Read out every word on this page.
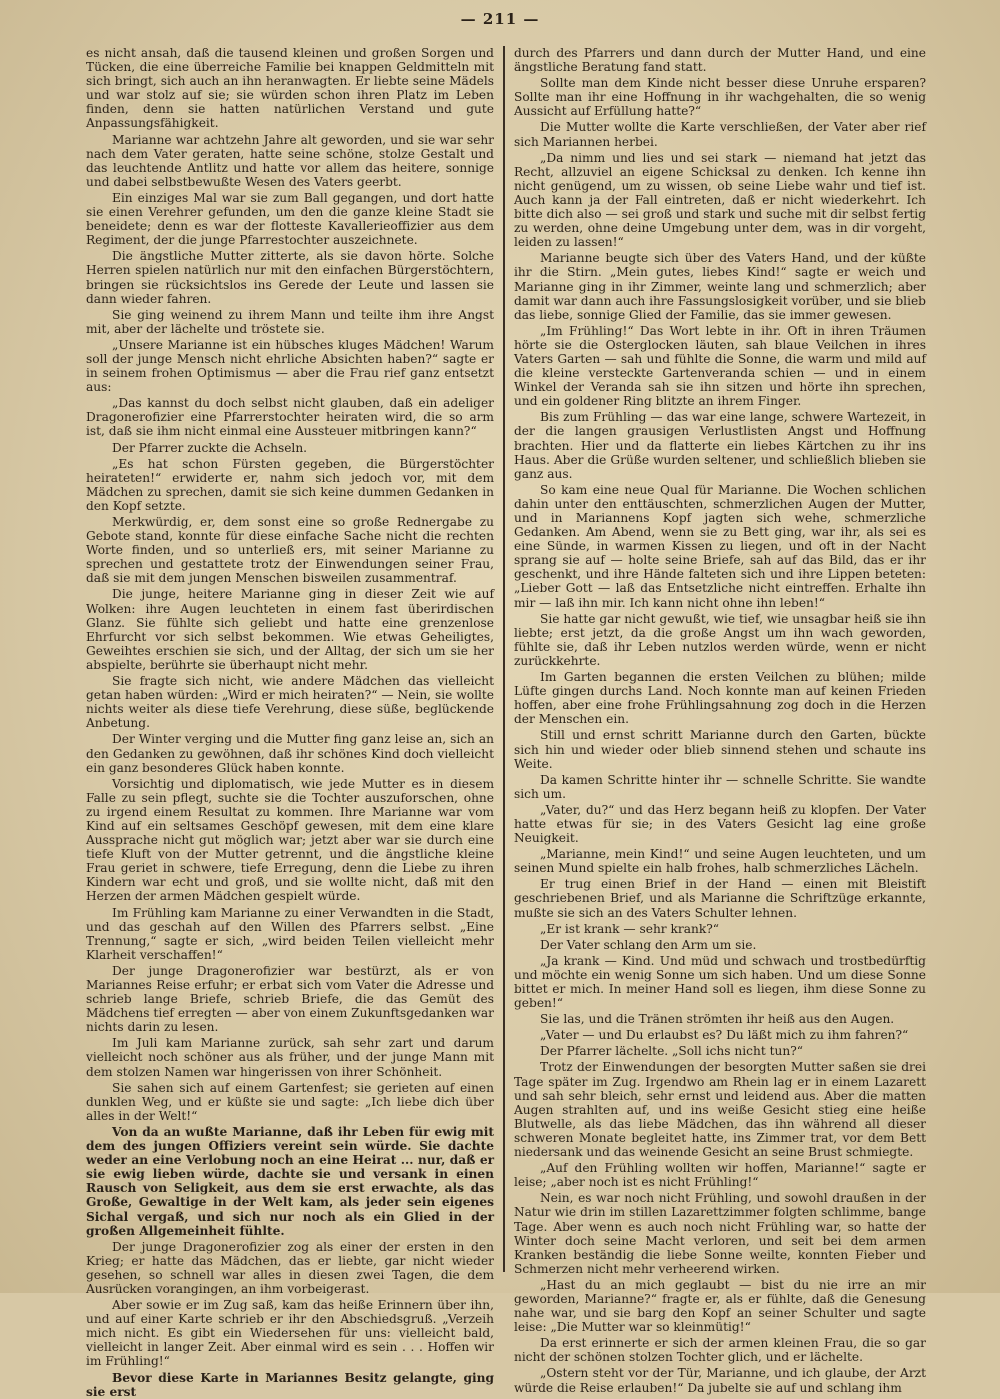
— 211 —

es nicht ansah, daß die tausend kleinen und großen Sorgen und Tücken, die eine überreiche Familie bei knappen Geldmitteln mit sich bringt, sich auch an ihn heranwagten. Er liebte seine Mädels und war stolz auf sie; sie würden schon ihren Platz im Leben finden, denn sie hatten natürlichen Verstand und gute Anpassungsfähigkeit.

Marianne war achtzehn Jahre alt geworden, und sie war sehr nach dem Vater geraten, hatte seine schöne, stolze Gestalt und das leuchtende Antlitz und hatte vor allem das heitere, sonnige und dabei selbstbewußte Wesen des Vaters geerbt.

Ein einziges Mal war sie zum Ball gegangen, und dort hatte sie einen Verehrer gefunden, um den die ganze kleine Stadt sie beneidete; denn es war der flotteste Kavallerieoffizier aus dem Regiment, der die junge Pfarrestochter auszeichnete.

Die ängstliche Mutter zitterte, als sie davon hörte. Solche Herren spielen natürlich nur mit den einfachen Bürgerstöchtern, bringen sie rücksichtslos ins Gerede der Leute und lassen sie dann wieder fahren.

Sie ging weinend zu ihrem Mann und teilte ihm ihre Angst mit, aber der lächelte und tröstete sie.

„Unsere Marianne ist ein hübsches kluges Mädchen! Warum soll der junge Mensch nicht ehrliche Absichten haben?“ sagte er in seinem frohen Optimismus — aber die Frau rief ganz entsetzt aus:

„Das kannst du doch selbst nicht glauben, daß ein adeliger Dragonerofizier eine Pfarrerstochter heiraten wird, die so arm ist, daß sie ihm nicht einmal eine Aussteuer mitbringen kann?“

Der Pfarrer zuckte die Achseln.

„Es hat schon Fürsten gegeben, die Bürgerstöchter heirateten!“ erwiderte er, nahm sich jedoch vor, mit dem Mädchen zu sprechen, damit sie sich keine dummen Gedanken in den Kopf setzte.

Merkwürdig, er, dem sonst eine so große Rednergabe zu Gebote stand, konnte für diese einfache Sache nicht die rechten Worte finden, und so unterließ ers, mit seiner Marianne zu sprechen und gestattete trotz der Einwendungen seiner Frau, daß sie mit dem jungen Menschen bisweilen zusammentraf.

Die junge, heitere Marianne ging in dieser Zeit wie auf Wolken: ihre Augen leuchteten in einem fast überirdischen Glanz. Sie fühlte sich geliebt und hatte eine grenzenlose Ehrfurcht vor sich selbst bekommen. Wie etwas Geheiligtes, Geweihtes erschien sie sich, und der Alltag, der sich um sie her abspielte, berührte sie überhaupt nicht mehr.

Sie fragte sich nicht, wie andere Mädchen das vielleicht getan haben würden: „Wird er mich heiraten?“ — Nein, sie wollte nichts weiter als diese tiefe Verehrung, diese süße, beglückende Anbetung.

Der Winter verging und die Mutter fing ganz leise an, sich an den Gedanken zu gewöhnen, daß ihr schönes Kind doch vielleicht ein ganz besonderes Glück haben konnte.

Vorsichtig und diplomatisch, wie jede Mutter es in diesem Falle zu sein pflegt, suchte sie die Tochter auszuforschen, ohne zu irgend einem Resultat zu kommen. Ihre Marianne war vom Kind auf ein seltsames Geschöpf gewesen, mit dem eine klare Aussprache nicht gut möglich war; jetzt aber war sie durch eine tiefe Kluft von der Mutter getrennt, und die ängstliche kleine Frau geriet in schwere, tiefe Erregung, denn die Liebe zu ihren Kindern war echt und groß, und sie wollte nicht, daß mit den Herzen der armen Mädchen gespielt würde.

Im Frühling kam Marianne zu einer Verwandten in die Stadt, und das geschah auf den Willen des Pfarrers selbst. „Eine Trennung,“ sagte er sich, „wird beiden Teilen vielleicht mehr Klarheit verschaffen!“

Der junge Dragonerofizier war bestürzt, als er von Mariannes Reise erfuhr; er erbat sich vom Vater die Adresse und schrieb lange Briefe, schrieb Briefe, die das Gemüt des Mädchens tief erregten — aber von einem Zukunftsgedanken war nichts darin zu lesen.

Im Juli kam Marianne zurück, sah sehr zart und darum vielleicht noch schöner aus als früher, und der junge Mann mit dem stolzen Namen war hingerissen von ihrer Schönheit.

Sie sahen sich auf einem Gartenfest; sie gerieten auf einen dunklen Weg, und er küßte sie und sagte: „Ich liebe dich über alles in der Welt!“

Von da an wußte Marianne, daß ihr Leben für ewig mit dem des jungen Offiziers vereint sein würde. Sie dachte weder an eine Verlobung noch an eine Heirat ... nur, daß er sie ewig lieben würde, dachte sie und versank in einen Rausch von Seligkeit, aus dem sie erst erwachte, als das Große, Gewaltige in der Welt kam, als jeder sein eigenes Sichal vergaß, und sich nur noch als ein Glied in der großen Allgemeinheit fühlte.

Der junge Dragonerofizier zog als einer der ersten in den Krieg; er hatte das Mädchen, das er liebte, gar nicht wieder gesehen, so schnell war alles in diesen zwei Tagen, die dem Ausrücken vorangingen, an ihm vorbeigerast.

Aber sowie er im Zug saß, kam das heiße Erinnern über ihn, und auf einer Karte schrieb er ihr den Abschiedsgruß. „Verzeih mich nicht. Es gibt ein Wiedersehen für uns: vielleicht bald, vielleicht in langer Zeit. Aber einmal wird es sein . . . Hoffen wir im Frühling!“

Bevor diese Karte in Mariannes Besitz gelangte, ging sie erst

durch des Pfarrers und dann durch der Mutter Hand, und eine ängstliche Beratung fand statt.

Sollte man dem Kinde nicht besser diese Unruhe ersparen? Sollte man ihr eine Hoffnung in ihr wachgehalten, die so wenig Aussicht auf Erfüllung hatte?“

Die Mutter wollte die Karte verschließen, der Vater aber rief sich Mariannen herbei.

„Da nimm und lies und sei stark — niemand hat jetzt das Recht, allzuviel an eigene Schicksal zu denken. Ich kenne ihn nicht genügend, um zu wissen, ob seine Liebe wahr und tief ist. Auch kann ja der Fall eintreten, daß er nicht wiederkehrt. Ich bitte dich also — sei groß und stark und suche mit dir selbst fertig zu werden, ohne deine Umgebung unter dem, was in dir vorgeht, leiden zu lassen!“

Marianne beugte sich über des Vaters Hand, und der küßte ihr die Stirn. „Mein gutes, liebes Kind!“ sagte er weich und Marianne ging in ihr Zimmer, weinte lang und schmerzlich; aber damit war dann auch ihre Fassungslosigkeit vorüber, und sie blieb das liebe, sonnige Glied der Familie, das sie immer gewesen.

„Im Frühling!“ Das Wort lebte in ihr. Oft in ihren Träumen hörte sie die Osterglocken läuten, sah blaue Veilchen in ihres Vaters Garten — sah und fühlte die Sonne, die warm und mild auf die kleine versteckte Gartenveranda schien — und in einem Winkel der Veranda sah sie ihn sitzen und hörte ihn sprechen, und ein goldener Ring blitzte an ihrem Finger.

Bis zum Frühling — das war eine lange, schwere Wartezeit, in der die langen grausigen Verlustlisten Angst und Hoffnung brachten. Hier und da flatterte ein liebes Kärtchen zu ihr ins Haus. Aber die Grüße wurden seltener, und schließlich blieben sie ganz aus.

So kam eine neue Qual für Marianne. Die Wochen schlichen dahin unter den enttäuschten, schmerzlichen Augen der Mutter, und in Mariannens Kopf jagten sich wehe, schmerzliche Gedanken. Am Abend, wenn sie zu Bett ging, war ihr, als sei es eine Sünde, in warmen Kissen zu liegen, und oft in der Nacht sprang sie auf — holte seine Briefe, sah auf das Bild, das er ihr geschenkt, und ihre Hände falteten sich und ihre Lippen beteten: „Lieber Gott — laß das Entsetzliche nicht eintreffen. Erhalte ihn mir — laß ihn mir. Ich kann nicht ohne ihn leben!“

Sie hatte gar nicht gewußt, wie tief, wie unsagbar heiß sie ihn liebte; erst jetzt, da die große Angst um ihn wach geworden, fühlte sie, daß ihr Leben nutzlos werden würde, wenn er nicht zurückkehrte.

Im Garten begannen die ersten Veilchen zu blühen; milde Lüfte gingen durchs Land. Noch konnte man auf keinen Frieden hoffen, aber eine frohe Frühlingsahnung zog doch in die Herzen der Menschen ein.

Still und ernst schritt Marianne durch den Garten, bückte sich hin und wieder oder blieb sinnend stehen und schaute ins Weite.

Da kamen Schritte hinter ihr — schnelle Schritte. Sie wandte sich um.

„Vater, du?“ und das Herz begann heiß zu klopfen. Der Vater hatte etwas für sie; in des Vaters Gesicht lag eine große Neuigkeit.

„Marianne, mein Kind!“ und seine Augen leuchteten, und um seinen Mund spielte ein halb frohes, halb schmerzliches Lächeln.

Er trug einen Brief in der Hand — einen mit Bleistift geschriebenen Brief, und als Marianne die Schriftzüge erkannte, mußte sie sich an des Vaters Schulter lehnen.

„Er ist krank — sehr krank?“

Der Vater schlang den Arm um sie.

„Ja krank — Kind. Und müd und schwach und trostbedürftig und möchte ein wenig Sonne um sich haben. Und um diese Sonne bittet er mich. In meiner Hand soll es liegen, ihm diese Sonne zu geben!“

Sie las, und die Tränen strömten ihr heiß aus den Augen.

„Vater — und Du erlaubst es? Du läßt mich zu ihm fahren?“

Der Pfarrer lächelte. „Soll ichs nicht tun?“

Trotz der Einwendungen der besorgten Mutter saßen sie drei Tage später im Zug. Irgendwo am Rhein lag er in einem Lazarett und sah sehr bleich, sehr ernst und leidend aus. Aber die matten Augen strahlten auf, und ins weiße Gesicht stieg eine heiße Blutwelle, als das liebe Mädchen, das ihn während all dieser schweren Monate begleitet hatte, ins Zimmer trat, vor dem Bett niedersank und das weinende Gesicht an seine Brust schmiegte.

„Auf den Frühling wollten wir hoffen, Marianne!“ sagte er leise; „aber noch ist es nicht Frühling!“

Nein, es war noch nicht Frühling, und sowohl draußen in der Natur wie drin im stillen Lazarettzimmer folgten schlimme, bange Tage. Aber wenn es auch noch nicht Frühling war, so hatte der Winter doch seine Macht verloren, und seit bei dem armen Kranken beständig die liebe Sonne weilte, konnten Fieber und Schmerzen nicht mehr verheerend wirken.

„Hast du an mich geglaubt — bist du nie irre an mir geworden, Marianne?“ fragte er, als er fühlte, daß die Genesung nahe war, und sie barg den Kopf an seiner Schulter und sagte leise: „Die Mutter war so kleinmütig!“

Da erst erinnerte er sich der armen kleinen Frau, die so gar nicht der schönen stolzen Tochter glich, und er lächelte.

„Ostern steht vor der Tür, Marianne, und ich glaube, der Arzt würde die Reise erlauben!“ Da jubelte sie auf und schlang ihm
